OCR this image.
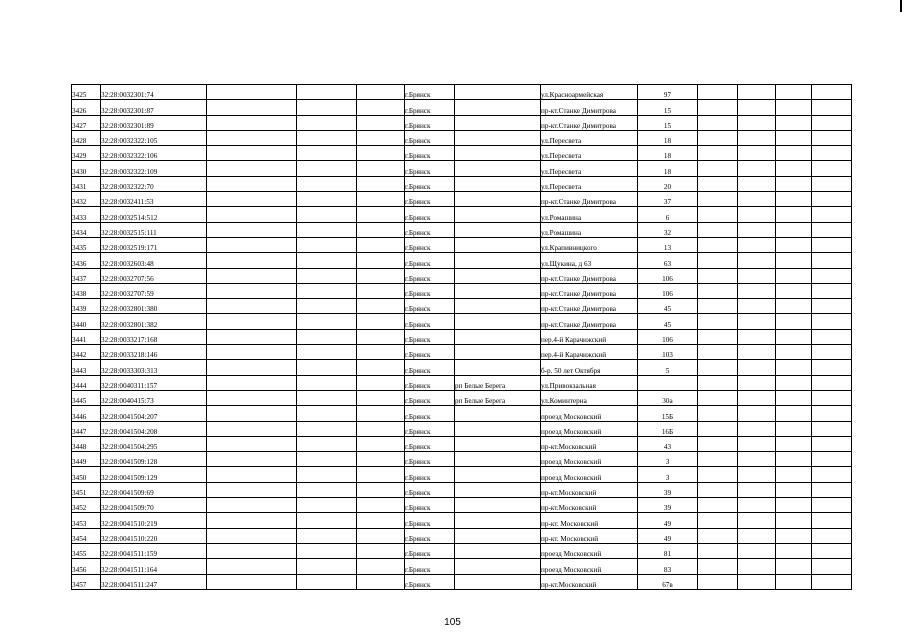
3425	32:28:0032301:74				г.Брянск		ул.Красноармейская	97				
3426	32:28:0032301:87				г.Брянск		пр-кт.Станке Димитрова	15				
3427	32:28:0032301:89				г.Брянск		пр-кт.Станке Димитрова	15				
3428	32:28:0032322:105				г.Брянск		ул.Пересвета	18				
3429	32:28:0032322:106				г.Брянск		ул.Пересвета	18				
3430	32:28:0032322:109				г.Брянск		ул.Пересвета	18				
3431	32:28:0032322:70				г.Брянск		ул.Пересвета	20				
3432	32:28:0032411:53				г.Брянск		пр-кт.Станке Димитрова	37				
3433	32:28:0032514:512				г.Брянск		ул.Ромашина	6				
3434	32:28:0032515:111				г.Брянск		ул.Ромашина	32				
3435	32:28:0032519:171				г.Брянск		ул.Крапивницкого	13				
3436	32:28:0032603:48				г.Брянск		ул.Щукина, д 63	63				
3437	32:28:0032707:56				г.Брянск		пр-кт.Станке Димитрова	106				
3438	32:28:0032707:59				г.Брянск		пр-кт.Станке Димитрова	106				
3439	32:28:0032801:380				г.Брянск		пр-кт.Станке Димитрова	45				
3440	32:28:0032801:382				г.Брянск		пр-кт.Станке Димитрова	45				
3441	32:28:0033217:168				г.Брянск		пер.4-й Карачижский	106				
3442	32:28:0033218:146				г.Брянск		пер.4-й Карачижский	103				
3443	32:28:0033303:313				г.Брянск		б-р. 50 лет Октября	5				
3444	32:28:0040311:157				г.Брянск	рп Белые Берега	ул.Привокзальная					
3445	32:28:0040415:73				г.Брянск	рп Белые Берега	ул.Коминтерна	30а				
3446	32:28:0041504:207				г.Брянск		проезд Московский	15Б				
3447	32:28:0041504:208				г.Брянск		проезд Московский	16Б				
3448	32:28:0041504:295				г.Брянск		пр-кт.Московский	43				
3449	32:28:0041509:128				г.Брянск		проезд Московский	3				
3450	32:28:0041509:129				г.Брянск		проезд Московский	3				
3451	32:28:0041509:69				г.Брянск		пр-кт.Московский	39				
3452	32:28:0041509:70				г.Брянск		пр-кт.Московский	39				
3453	32:28:0041510:219				г.Брянск		пр-кт. Московский	49				
3454	32:28:0041510:220				г.Брянск		пр-кт. Московский	49				
3455	32:28:0041511:159				г.Брянск		проезд Московский	81				
3456	32:28:0041511:164				г.Брянск		проезд Московский	83				
3457	32:28:0041511:247				г.Брянск		пр-кт.Московский	67в				
105
